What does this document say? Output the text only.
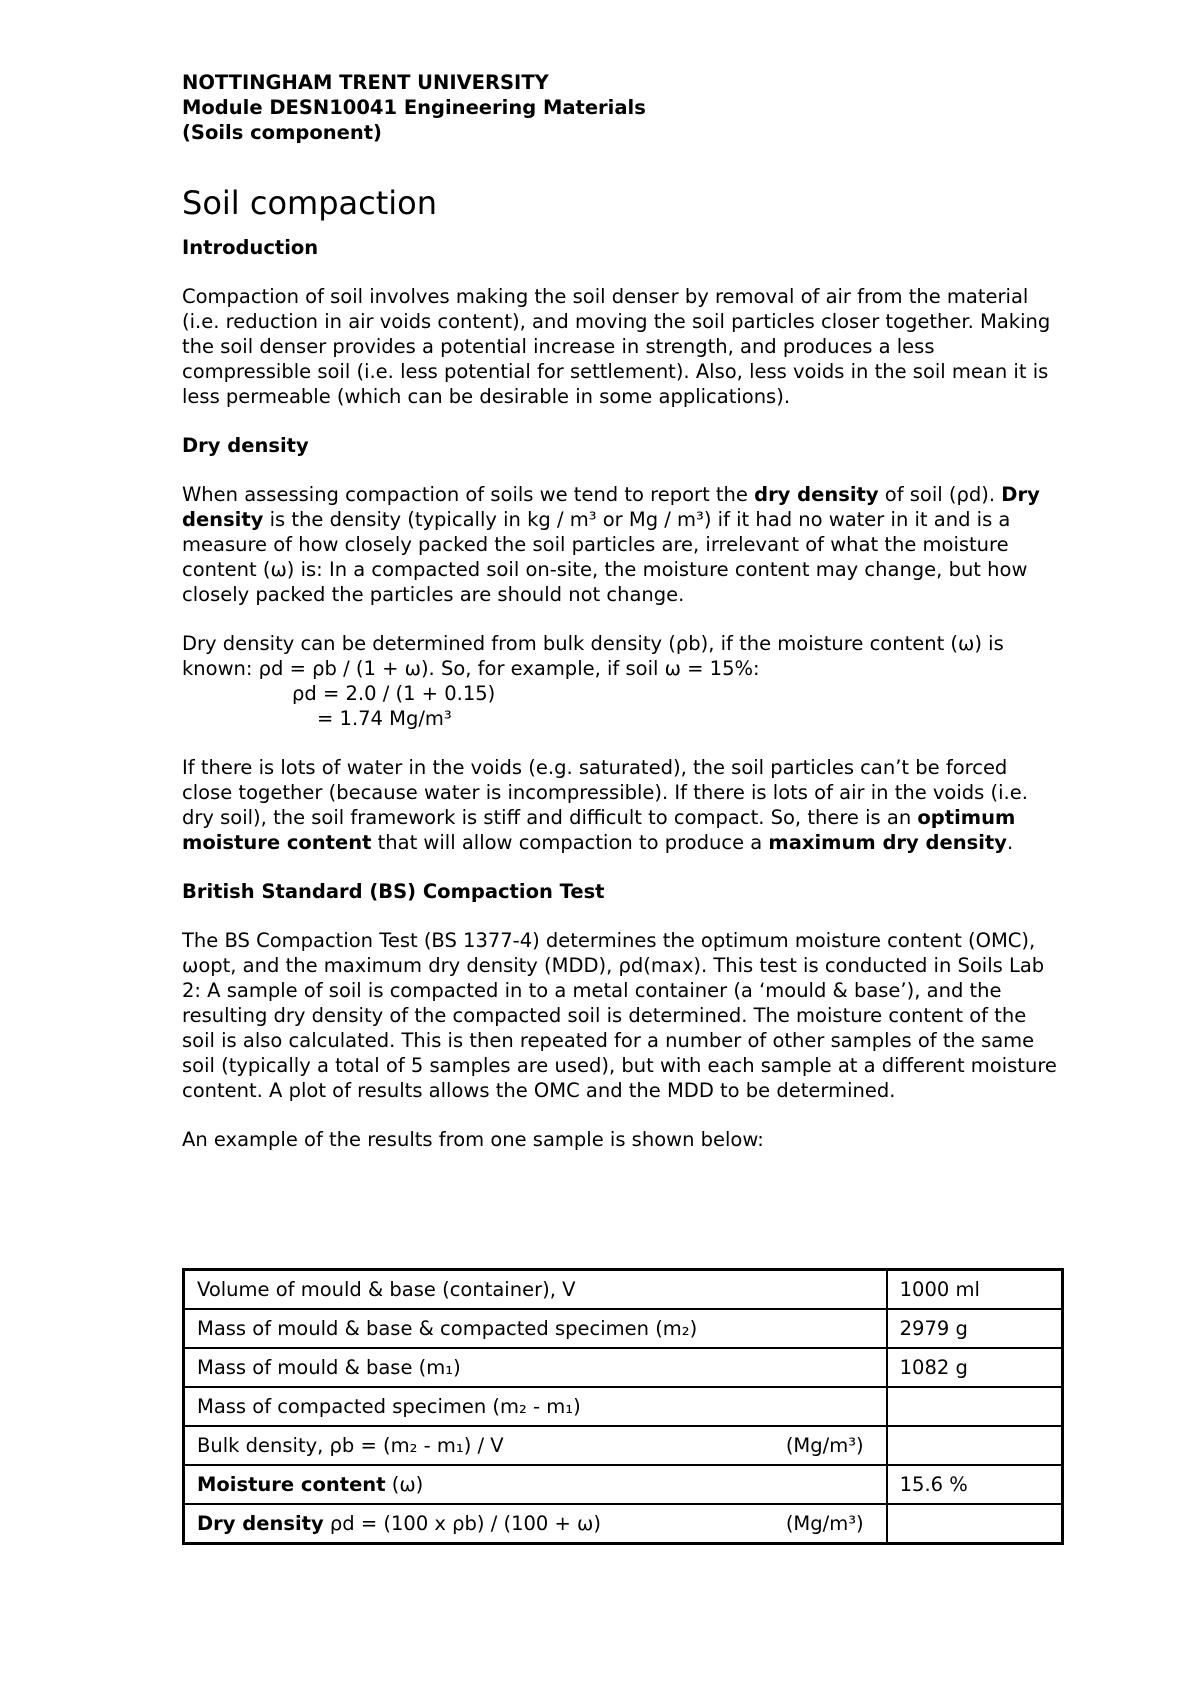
NOTTINGHAM TRENT UNIVERSITY
Module DESN10041 Engineering Materials
(Soils component)
Soil compaction
Introduction

Compaction of soil involves making the soil denser by removal of air from the material (i.e. reduction in air voids content), and moving the soil particles closer together. Making the soil denser provides a potential increase in strength, and produces a less compressible soil (i.e. less potential for settlement). Also, less voids in the soil mean it is less permeable (which can be desirable in some applications).

Dry density

When assessing compaction of soils we tend to report the dry density of soil (ρd). Dry density is the density (typically in kg / m³ or Mg / m³) if it had no water in it and is a measure of how closely packed the soil particles are, irrelevant of what the moisture content (ω) is: In a compacted soil on-site, the moisture content may change, but how closely packed the particles are should not change.

Dry density can be determined from bulk density (ρb), if the moisture content (ω) is known: ρd = ρb / (1 + ω). So, for example, if soil ω = 15%:

ρd = 2.0 / (1 + 0.15)
= 1.74 Mg/m³

If there is lots of water in the voids (e.g. saturated), the soil particles can’t be forced close together (because water is incompressible). If there is lots of air in the voids (i.e. dry soil), the soil framework is stiff and difficult to compact. So, there is an optimum moisture content that will allow compaction to produce a maximum dry density.

British Standard (BS) Compaction Test

The BS Compaction Test (BS 1377-4) determines the optimum moisture content (OMC), ωopt, and the maximum dry density (MDD), ρd(max). This test is conducted in Soils Lab 2: A sample of soil is compacted in to a metal container (a ‘mould & base’), and the resulting dry density of the compacted soil is determined. The moisture content of the soil is also calculated. This is then repeated for a number of other samples of the same soil (typically a total of 5 samples are used), but with each sample at a different moisture content. A plot of results allows the OMC and the MDD to be determined.

An example of the results from one sample is shown below:

Volume of mould & base (container), V	1000 ml
Mass of mould & base & compacted specimen (m₂)	2979 g
Mass of mould & base (m₁)	1082 g
Mass of compacted specimen (m₂ - m₁)	

Bulk density, ρb = (m₂ - m₁) / V (Mg/m³)	

Moisture content (ω)	15.6 %

Dry density ρd = (100 x ρb) / (100 + ω) (Mg/m³)	
